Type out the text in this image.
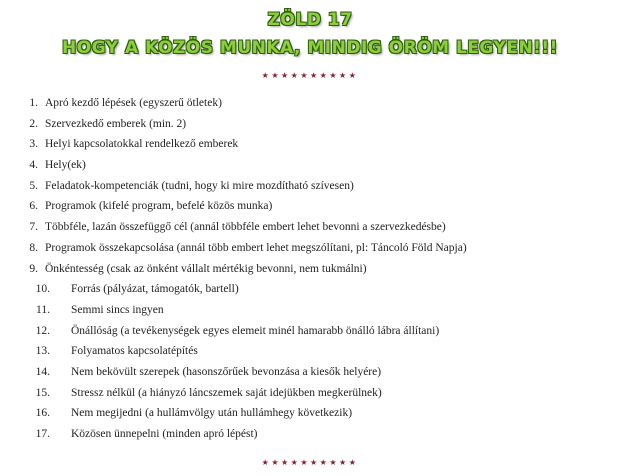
ZÖLD 17
HOGY A KÖZÖS MUNKA, MINDIG ÖRÖM LEGYEN!!!
★★★★★★★★★★
1. Apró kezdő lépések (egyszerű ötletek)
2. Szervezkedő emberek (min. 2)
3. Helyi kapcsolatokkal rendelkező emberek
4. Hely(ek)
5. Feladatok-kompetenciák (tudni, hogy ki mire mozdítható szívesen)
6. Programok (kifelé program, befelé közös munka)
7. Többféle, lazán összefüggő cél (annál többféle embert lehet bevonni a szervezkedésbe)
8. Programok összekapcsolása (annál több embert lehet megszólítani, pl: Táncoló Föld Napja)
9. Önkéntesség (csak az önként vállalt mértékig bevonni, nem tukmálni)
10. Forrás (pályázat, támogatók, bartell)
11. Semmi sincs ingyen
12. Önállóság (a tevékenységek egyes elemeit minél hamarabb önálló lábra állítani)
13. Folyamatos kapcsolatépítés
14. Nem bekövült szerepek (hasonszőrűek bevonzása a kiesők helyére)
15. Stressz nélkül (a hiányzó láncszemek saját idejükben megkerülnek)
16. Nem megijedni (a hullámvölgy után hullámhegy következik)
17. Közösen ünnepelni (minden apró lépést)
★★★★★★★★★★
